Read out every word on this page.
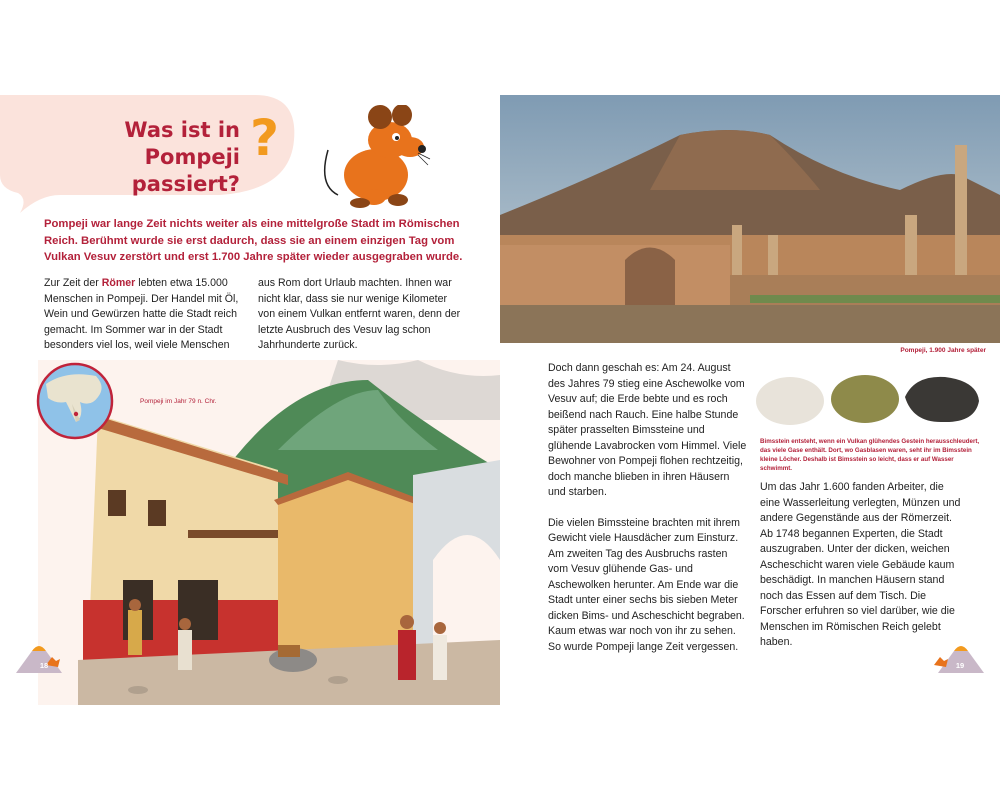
Was ist in
Pompeji passiert?
?
Pompeji war lange Zeit nichts weiter als eine mittelgroße Stadt im Römischen Reich. Berühmt wurde sie erst dadurch, dass sie an einem einzigen Tag vom Vulkan Vesuv zerstört und erst 1.700 Jahre später wieder ausgegraben wurde.
Zur Zeit der Römer lebten etwa 15.000 Menschen in Pompeji. Der Handel mit Öl, Wein und Gewürzen hatte die Stadt reich gemacht. Im Sommer war in der Stadt besonders viel los, weil viele Menschen
aus Rom dort Urlaub machten. Ihnen war nicht klar, dass sie nur wenige Kilometer von einem Vulkan entfernt waren, denn der letzte Ausbruch des Vesuv lag schon Jahrhunderte zurück.
Pompeji im Jahr 79 n. Chr.
18
Pompeji, 1.900 Jahre später

Doch dann geschah es: Am 24. August des Jahres 79 stieg eine Aschewolke vom Vesuv auf; die Erde bebte und es roch beißend nach Rauch. Eine halbe Stunde später prasselten Bimssteine und glühende Lavabrocken vom Himmel. Viele Bewohner von Pompeji flohen rechtzeitig, doch manche blieben in ihren Häusern und starben.

Die vielen Bimssteine brachten mit ihrem Gewicht viele Hausdächer zum Einsturz. Am zweiten Tag des Ausbruchs rasten vom Vesuv glühende Gas- und Aschewolken herunter. Am Ende war die Stadt unter einer sechs bis sieben Meter dicken Bims- und Ascheschicht begraben. Kaum etwas war noch von ihr zu sehen. So wurde Pompeji lange Zeit vergessen.

Bimsstein entsteht, wenn ein Vulkan glühendes Gestein herausschleudert, das viele Gase enthält. Dort, wo Gasblasen waren, seht ihr im Bimsstein kleine Löcher. Deshalb ist Bimsstein so leicht, dass er auf Wasser schwimmt.
Um das Jahr 1.600 fanden Arbeiter, die eine Wasserleitung verlegten, Münzen und andere Gegenstände aus der Römerzeit. Ab 1748 begannen Experten, die Stadt auszugraben. Unter der dicken, weichen Ascheschicht waren viele Gebäude kaum beschädigt. In manchen Häusern stand noch das Essen auf dem Tisch. Die Forscher erfuhren so viel darüber, wie die Menschen im Römischen Reich gelebt haben.
19
